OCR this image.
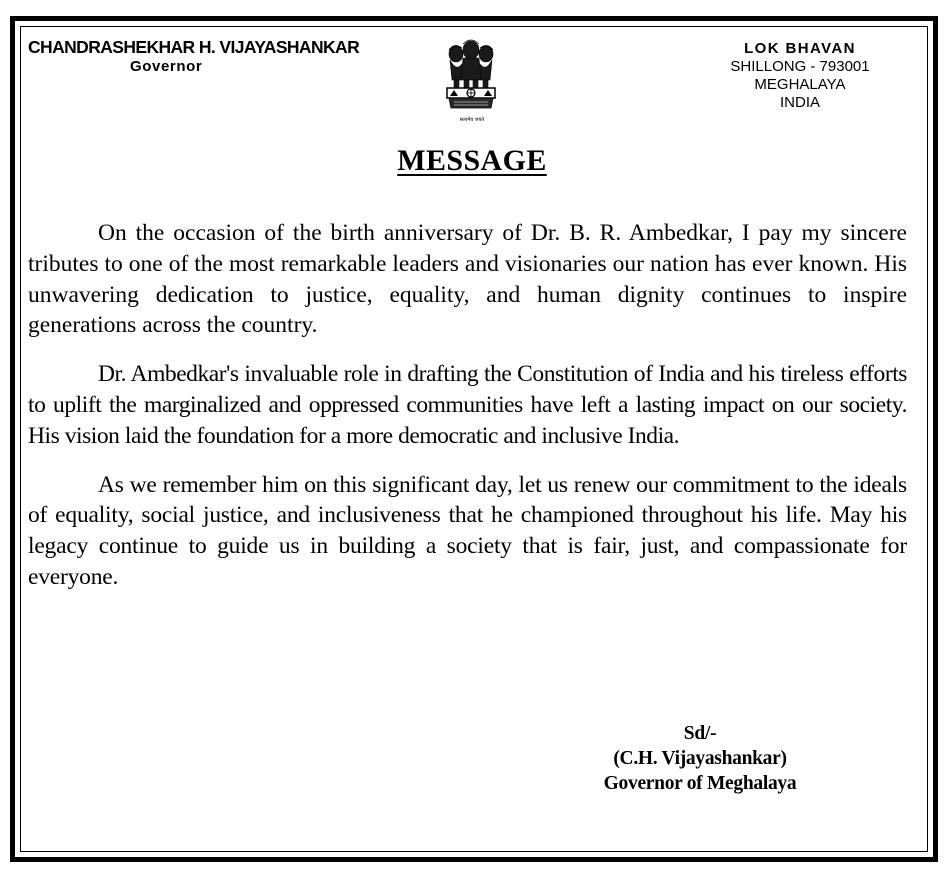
CHANDRASHEKHAR H. VIJAYASHANKAR
Governor
सत्यमेव जयते
LOK BHAVAN
SHILLONG - 793001
MEGHALAYA
INDIA
MESSAGE

On the occasion of the birth anniversary of Dr. B. R. Ambedkar, I pay my sincere tributes to one of the most remarkable leaders and visionaries our nation has ever known. His unwavering dedication to justice, equality, and human dignity continues to inspire generations across the country.

Dr. Ambedkar's invaluable role in drafting the Constitution of India and his tireless efforts to uplift the marginalized and oppressed communities have left a lasting impact on our society. His vision laid the foundation for a more democratic and inclusive India.

As we remember him on this significant day, let us renew our commitment to the ideals of equality, social justice, and inclusiveness that he championed throughout his life. May his legacy continue to guide us in building a society that is fair, just, and compassionate for everyone.

Sd/-
(C.H. Vijayashankar)
Governor of Meghalaya
